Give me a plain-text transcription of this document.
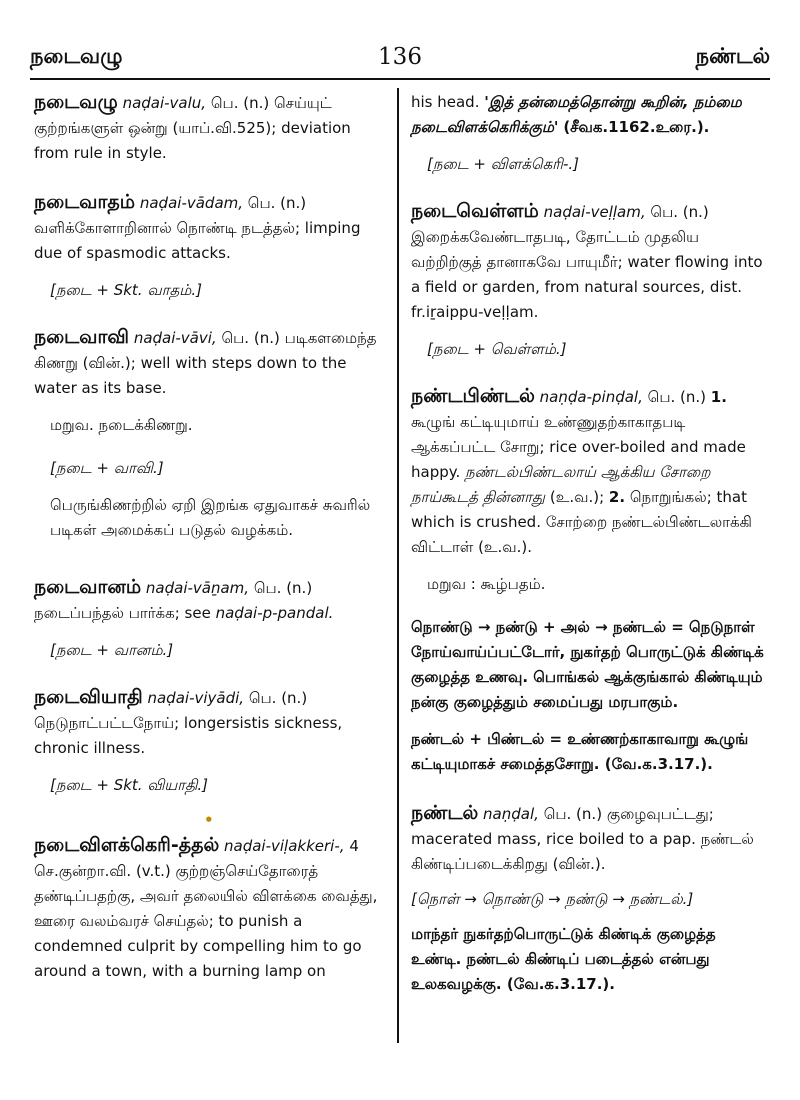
நடைவழு	136	நண்டல்
நடைவழு naḍai-valu, பெ. (n.) செய்யுட் குற்றங்களுள் ஒன்று (யாப்.வி.525); deviation from rule in style.
நடைவாதம் naḍai-vādam, பெ. (n.) வளிக்கோளாறினால் நொண்டி நடத்தல்; limping due of spasmodic attacks.
[நடை + Skt. வாதம்.]
நடைவாவி naḍai-vāvi, பெ. (n.) படிகளமைந்த கிணறு (வின்.); well with steps down to the water as its base.
மறுவ. நடைக்கிணறு.
[நடை + வாவி.]
பெருங்கிணற்றில் ஏறி இறங்க ஏதுவாகச் சுவரில் படிகள் அமைக்கப் படுதல் வழக்கம்.
நடைவானம் naḍai-vāṉam, பெ. (n.) நடைப்பந்தல் பார்க்க; see naḍai-p-pandal.
[நடை + வானம்.]
நடைவியாதி naḍai-viyādi, பெ. (n.) நெடுநாட்பட்டநோய்; longersistis sickness, chronic illness.
[நடை + Skt. வியாதி.]
•
நடைவிளக்கெரி-த்தல் naḍai-viḷakkeri-, 4 செ.குன்றா.வி. (v.t.) குற்றஞ்செய்தோரைத் தண்டிப்பதற்கு, அவர் தலையில் விளக்கை வைத்து, ஊரை வலம்வரச் செய்தல்; to punish a condemned culprit by compelling him to go around a town, with a burning lamp on
his head. 'இத் தன்மைத்தொன்று கூறின், நம்மை நடைவிளக்கெரிக்கும்' (சீவக.1162.உரை.).
[நடை + விளக்கெரி-.]
நடைவெள்ளம் naḍai-veḷḷam, பெ. (n.) இறைக்கவேண்டாதபடி, தோட்டம் முதலிய வற்றிற்குத் தானாகவே பாயுமீர்; water flowing into a field or garden, from natural sources, dist. fr.iṟaippu-veḷḷam.
[நடை + வெள்ளம்.]
நண்டபிண்டல் naṇḍa-pinḍal, பெ. (n.) 1. கூழுங் கட்டியுமாய் உண்ணுதற்காகாதபடி ஆக்கப்பட்ட சோறு; rice over-boiled and made happy. நண்டல்பிண்டலாய் ஆக்கிய சோறை நாய்கூடத் தின்னாது (உ.வ.); 2. நொறுங்கல்; that which is crushed. சோற்றை நண்டல்பிண்டலாக்கி விட்டாள் (உ.வ.).
மறுவ : கூழ்பதம்.
நொண்டு → நண்டு + அல் → நண்டல் = நெடுநாள் நோய்வாய்ப்பட்டோர், நுகர்தற் பொருட்டுக் கிண்டிக் குழைத்த உணவு. பொங்கல் ஆக்குங்கால் கிண்டியும் நன்கு குழைத்தும் சமைப்பது மரபாகும்.
நண்டல் + பிண்டல் = உண்ணற்காகாவாறு கூழுங் கட்டியுமாகச் சமைத்தசோறு. (வே.க.3.17.).
நண்டல் naṇḍal, பெ. (n.) குழைவுபட்டது; macerated mass, rice boiled to a pap. நண்டல் கிண்டிப்படைக்கிறது (வின்.).
[நொள் → நொண்டு → நண்டு → நண்டல்.]
மாந்தர் நுகர்தற்பொருட்டுக் கிண்டிக் குழைத்த உண்டி. நண்டல் கிண்டிப் படைத்தல் என்பது உலகவழக்கு. (வே.க.3.17.).
